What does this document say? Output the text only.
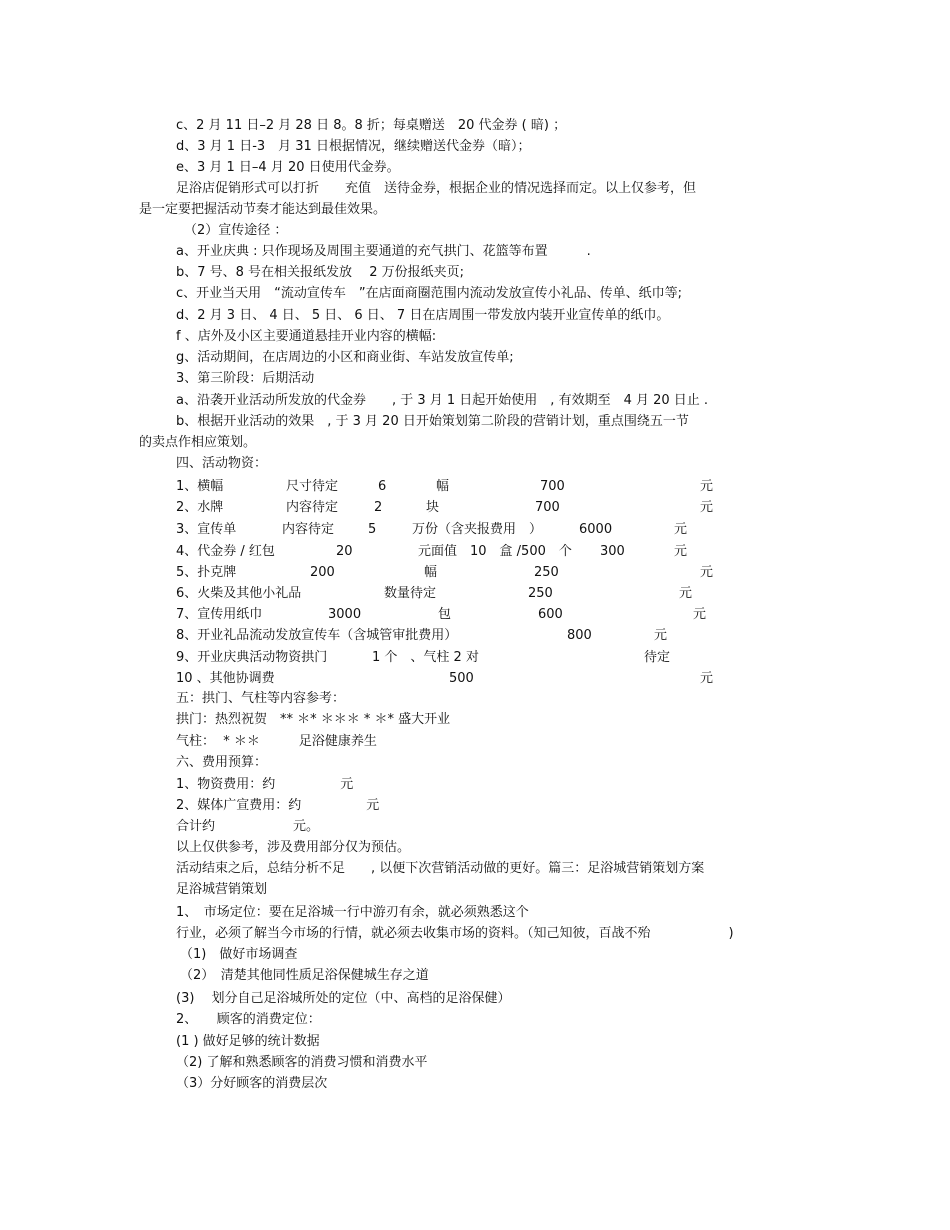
c、2 月 11 日–2 月 28 日 8。8 折；每桌赠送　20 代金券 ( 暗) ；
d、3 月 1 日-3　月 31 日根据情况，继续赠送代金券（暗）；
e、3 月 1 日–4 月 20 日使用代金券。
足浴店促销形式可以打折　　充值　送待金券，根据企业的情况选择而定。以上仅参考，但
是一定要把握活动节奏才能达到最佳效果。
（2）宣传途径 ：
a、开业庆典 : 只作现场及周围主要通道的充气拱门、花篮等布置　　　.
b、7 号、8 号在相关报纸发放　 2 万份报纸夹页;
c、开业当天用　“流动宣传车　”在店面商圈范围内流动发放宣传小礼品、传单、纸巾等;
d、2 月 3 日、 4 日、 5 日、 6 日、 7 日在店周围一带发放内装开业宣传单的纸巾。
f 、店外及小区主要通道悬挂开业内容的横幅:
g、活动期间，在店周边的小区和商业街、车站发放宣传单;
3、第三阶段：后期活动
a、沿袭开业活动所发放的代金券　　, 于 3 月 1 日起开始使用　, 有效期至　4 月 20 日止 .
b、根据开业活动的效果　, 于 3 月 20 日开始策划第二阶段的营销计划，重点围绕五一节
的卖点作相应策划。
四、活动物资：
1、横幅	尺寸待定	6	幅	700	元
2、水牌	内容待定	2	块	700	元
3、宣传单	内容待定	5	万份（含夹报费用　）	6000	元
4、代金券 / 红包	20	元面值　10　盒 /500　个 300	元
5、扑克牌	200	幅	250	元
6、火柴及其他小礼品	数量待定	250	元
7、宣传用纸巾	3000	包	600	元
8、开业礼品流动发放宣传车（含城管审批费用）	800	元
9、开业庆典活动物资拱门	1 个　、气柱 2 对	待定
10 、其他协调费	500	元
五：拱门、气柱等内容参考：
拱门：热烈祝贺　** ＊* ＊＊＊ * ＊* 盛大开业
气柱：  * ＊＊　　　足浴健康养生
六、费用预算：
1、物资费用：约　　　　　元
2、媒体广宣费用：约　　　　　元
合计约　　　　　　元。
以上仅供参考，涉及费用部分仅为预估。
活动结束之后，总结分析不足　　, 以便下次营销活动做的更好。篇三：足浴城营销策划方案
足浴城营销策划
1、　市场定位：要在足浴城一行中游刃有余，就必须熟悉这个
行业，必须了解当今市场的行情，就必须去收集市场的资料。（知己知彼，百战不殆　　　　　　)
（1)　做好市场调查
（2）　清楚其他同性质足浴保健城生存之道
(3)　 划分自己足浴城所处的定位（中、高档的足浴保健）
2、　　顾客的消费定位：
(1 ) 做好足够的统计数据
（2) 了解和熟悉顾客的消费习惯和消费水平
（3）分好顾客的消费层次
